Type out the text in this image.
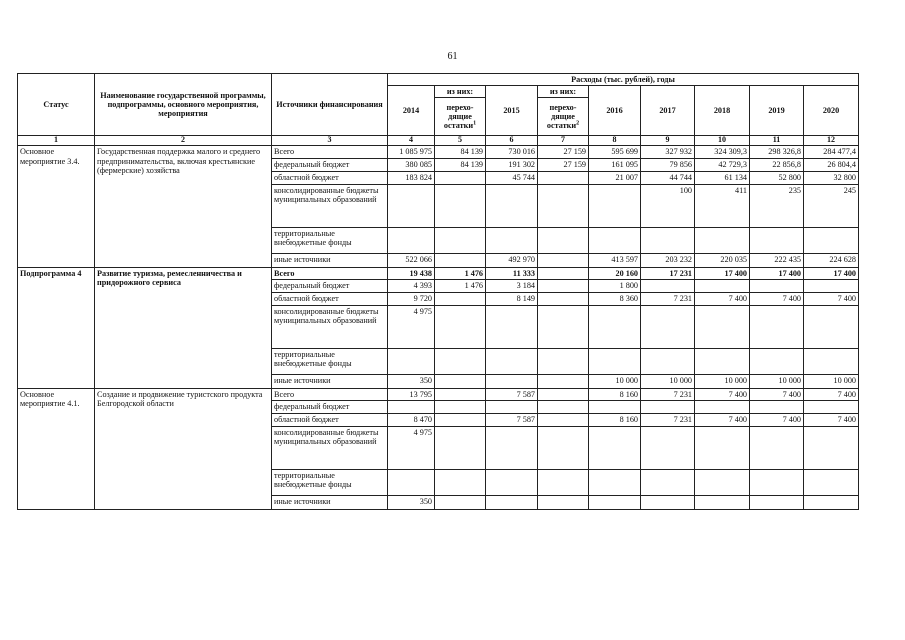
61
Статус	Наименование государственной программы, подпрограммы, основного мероприятия, мероприятия	Источники финансирования	Расходы (тыс. рублей), годы								
			2014	из них:	2015	из них:	2016	2017	2018	2019	2020
				перехо-дящие остатки$^1$		перехо-дящие остатки$^2$
1	2	3	4	5	6	7	8	9	10	11	12
Основное мероприятие 3.4.	Государственная поддержка малого и среднего предпринимательства, включая крестьянские (фермерские) хозяйства	Всего	1 085 975	84 139	730 016	27 159	595 699	327 932	324 309,3	298 326,8	284 477,4
		федеральный бюджет	380 085	84 139	191 302	27 159	161 095	79 856	42 729,3	22 856,8	26 804,4
		областной бюджет	183 824		45 744		21 007	44 744	61 134	52 800	32 800
		консолидированные бюджеты муниципальных образований						100	411	235	245
		территориальные внебюджетные фонды									
		иные источники	522 066		492 970		413 597	203 232	220 035	222 435	224 628
Подпрограмма 4	Развитие туризма, ремесленничества и придорожного сервиса	Всего	19 438	1 476	11 333		20 160	17 231	17 400	17 400	17 400
		федеральный бюджет	4 393	1 476	3 184		1 800				
		областной бюджет	9 720		8 149		8 360	7 231	7 400	7 400	7 400
		консолидированные бюджеты муниципальных образований	4 975								
		территориальные внебюджетные фонды									
		иные источники	350				10 000	10 000	10 000	10 000	10 000
Основное мероприятие 4.1.	Создание и продвижение туристского продукта Белгородской области	Всего	13 795		7 587		8 160	7 231	7 400	7 400	7 400
		федеральный бюджет									
		областной бюджет	8 470		7 587		8 160	7 231	7 400	7 400	7 400
		консолидированные бюджеты муниципальных образований	4 975								
		территориальные внебюджетные фонды									
		иные источники	350								
